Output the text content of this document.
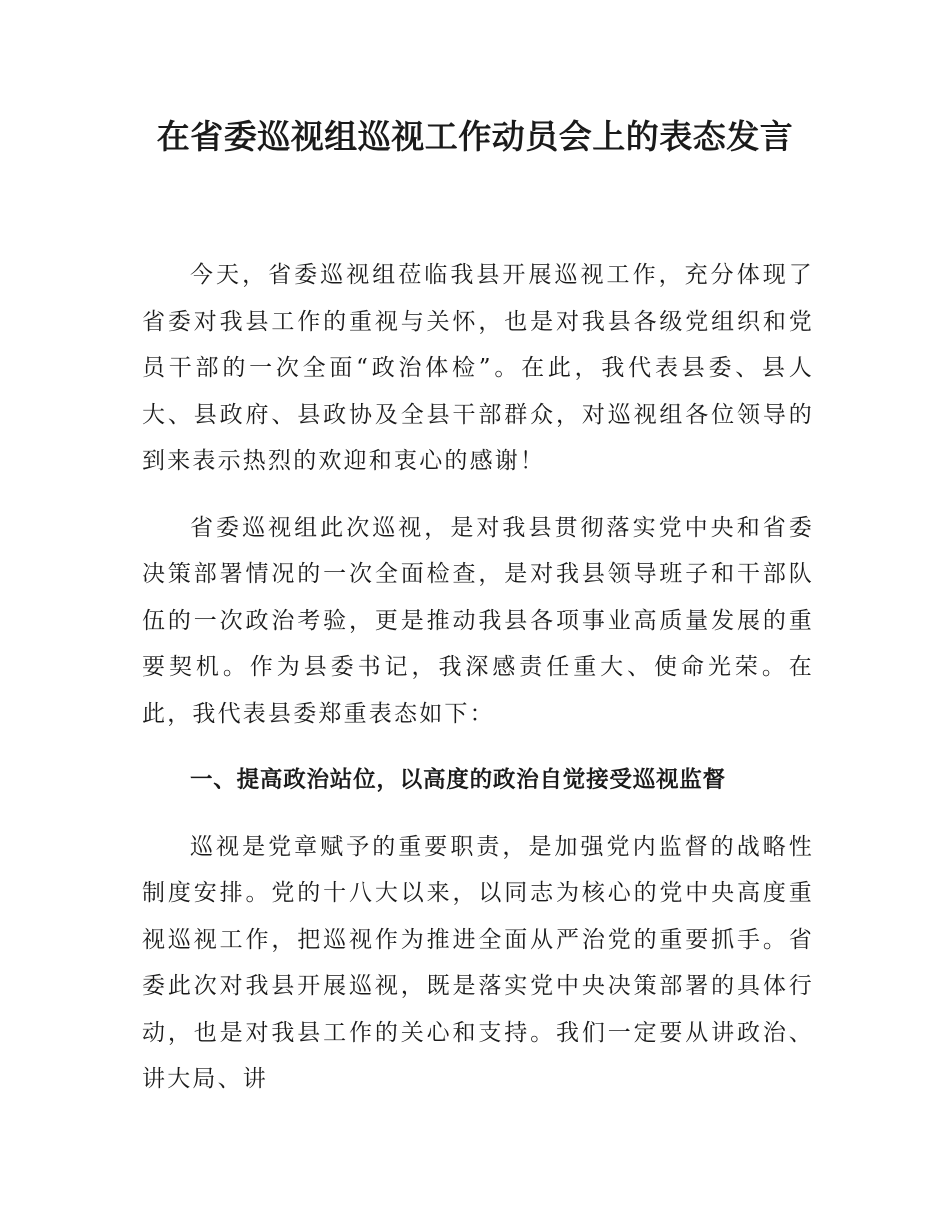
在省委巡视组巡视工作动员会上的表态发言

今天，省委巡视组莅临我县开展巡视工作，充分体现了省委对我县工作的重视与关怀，也是对我县各级党组织和党员干部的一次全面“政治体检”。在此，我代表县委、县人大、县政府、县政协及全县干部群众，对巡视组各位领导的到来表示热烈的欢迎和衷心的感谢！

省委巡视组此次巡视，是对我县贯彻落实党中央和省委决策部署情况的一次全面检查，是对我县领导班子和干部队伍的一次政治考验，更是推动我县各项事业高质量发展的重要契机。作为县委书记，我深感责任重大、使命光荣。在此，我代表县委郑重表态如下：

一、提高政治站位，以高度的政治自觉接受巡视监督

巡视是党章赋予的重要职责，是加强党内监督的战略性制度安排。党的十八大以来，以同志为核心的党中央高度重视巡视工作，把巡视作为推进全面从严治党的重要抓手。省委此次对我县开展巡视，既是落实党中央决策部署的具体行动，也是对我县工作的关心和支持。我们一定要从讲政治、讲大局、讲
